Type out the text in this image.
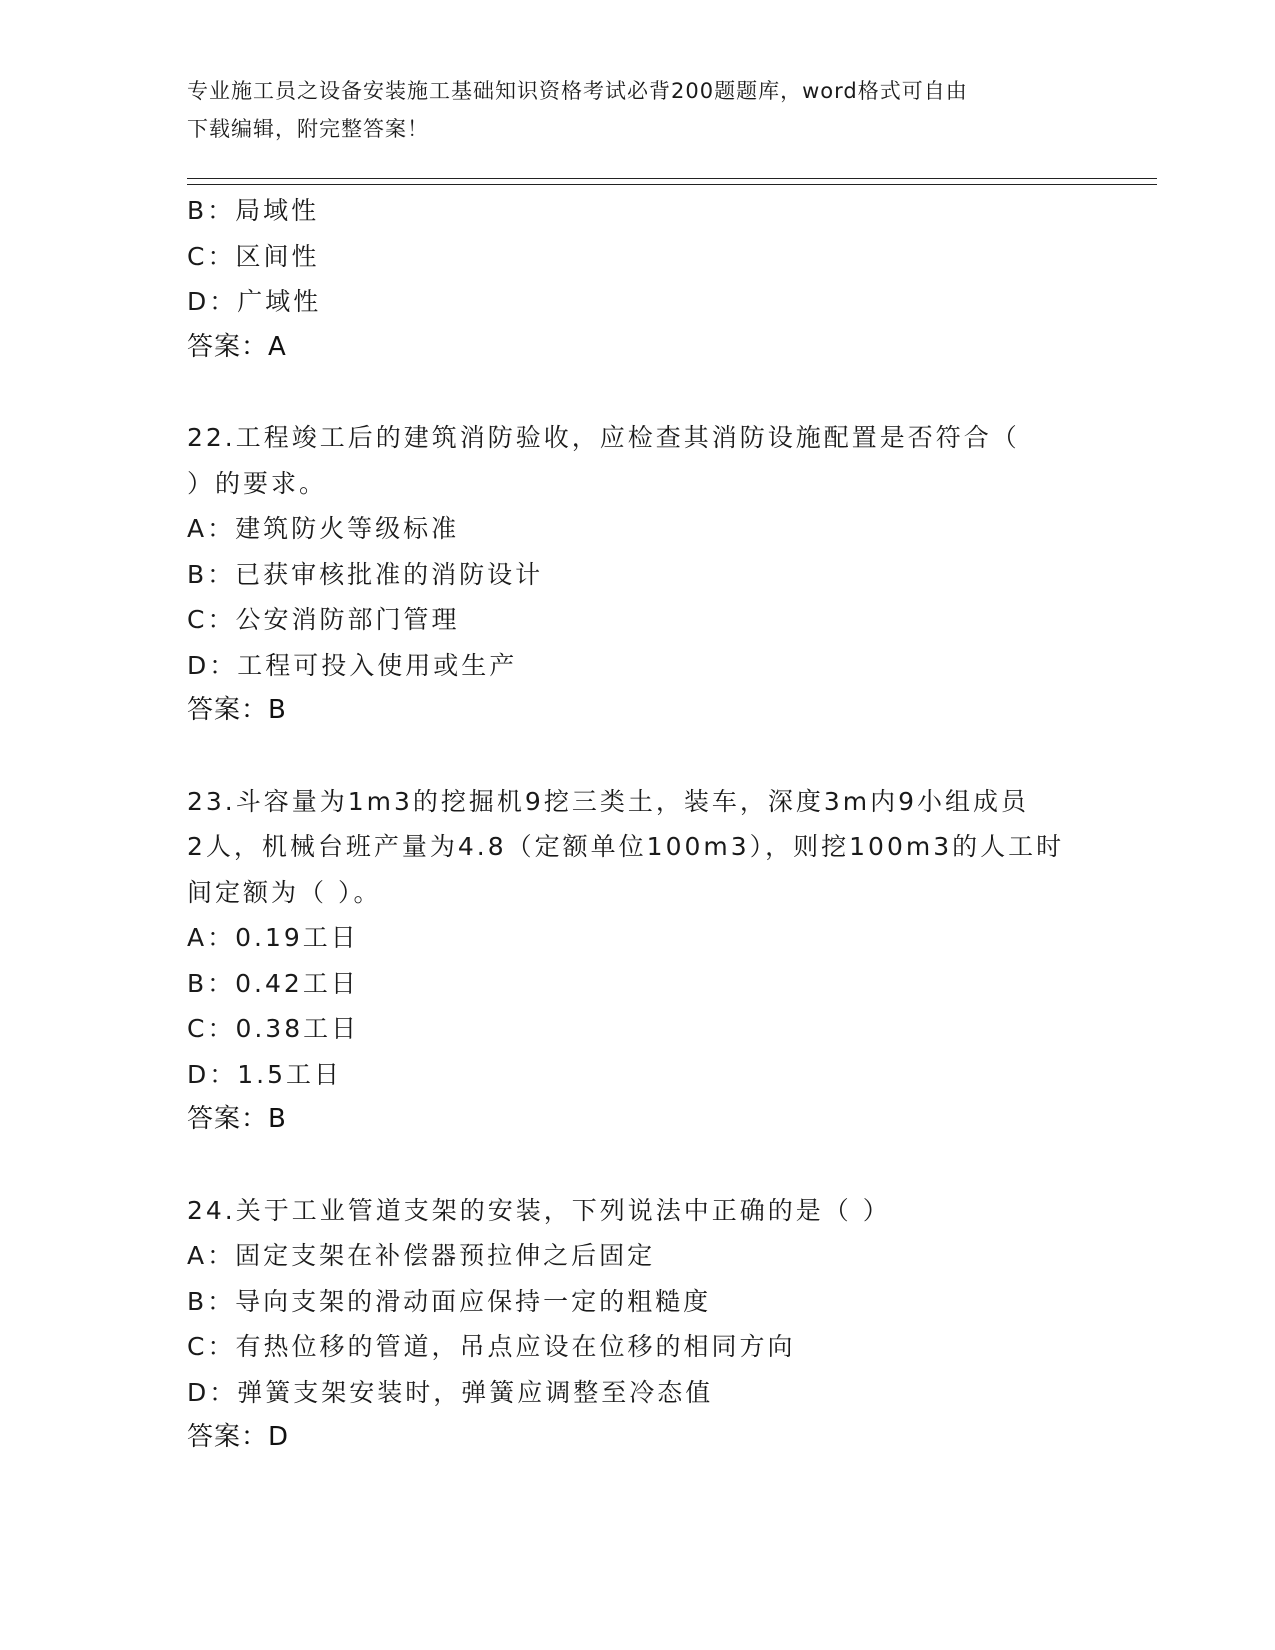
专业施工员之设备安装施工基础知识资格考试必背200题题库，word格式可自由
下载编辑，附完整答案！
B：局域性
C：区间性
D：广域性
答案：A
22.工程竣工后的建筑消防验收，应检查其消防设施配置是否符合（
）的要求。
A：建筑防火等级标准
B：已获审核批准的消防设计
C：公安消防部门管理
D：工程可投入使用或生产
答案：B
23.斗容量为1m3的挖掘机9挖三类土，装车，深度3m内9小组成员
2人，机械台班产量为4.8（定额单位100m3），则挖100m3的人工时
间定额为（ ）。
A：0.19工日
B：0.42工日
C：0.38工日
D：1.5工日
答案：B
24.关于工业管道支架的安装，下列说法中正确的是（ ）
A：固定支架在补偿器预拉伸之后固定
B：导向支架的滑动面应保持一定的粗糙度
C：有热位移的管道，吊点应设在位移的相同方向
D：弹簧支架安装时，弹簧应调整至冷态值
答案：D
